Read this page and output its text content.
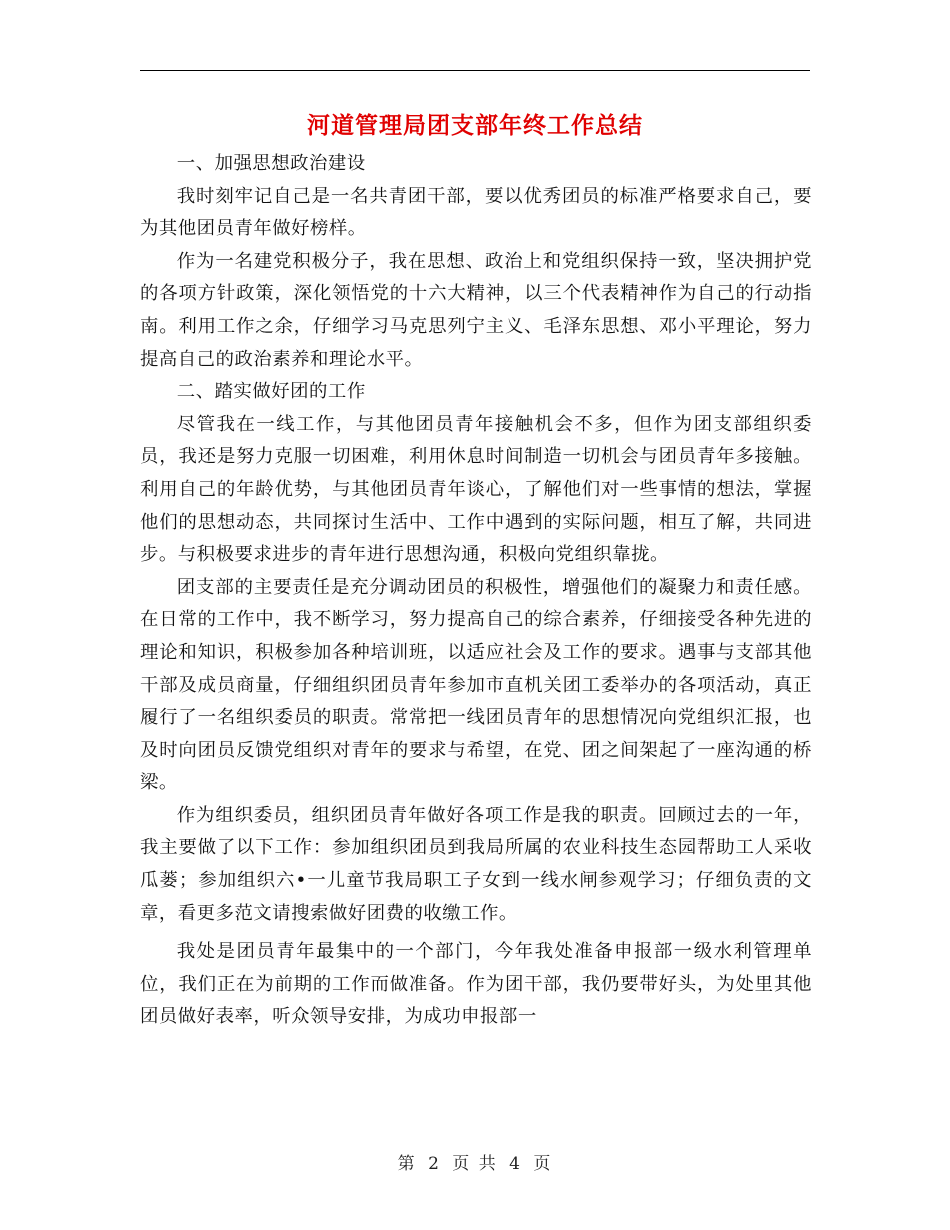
河道管理局团支部年终工作总结

一、加强思想政治建设

我时刻牢记自己是一名共青团干部，要以优秀团员的标准严格要求自己，要为其他团员青年做好榜样。

作为一名建党积极分子，我在思想、政治上和党组织保持一致，坚决拥护党的各项方针政策，深化领悟党的十六大精神，以三个代表精神作为自己的行动指南。利用工作之余，仔细学习马克思列宁主义、毛泽东思想、邓小平理论，努力提高自己的政治素养和理论水平。

二、踏实做好团的工作

尽管我在一线工作，与其他团员青年接触机会不多，但作为团支部组织委员，我还是努力克服一切困难，利用休息时间制造一切机会与团员青年多接触。利用自己的年龄优势，与其他团员青年谈心，了解他们对一些事情的想法，掌握他们的思想动态，共同探讨生活中、工作中遇到的实际问题，相互了解，共同进步。与积极要求进步的青年进行思想沟通，积极向党组织靠拢。

团支部的主要责任是充分调动团员的积极性，增强他们的凝聚力和责任感。在日常的工作中，我不断学习，努力提高自己的综合素养，仔细接受各种先进的理论和知识，积极参加各种培训班，以适应社会及工作的要求。遇事与支部其他干部及成员商量，仔细组织团员青年参加市直机关团工委举办的各项活动，真正履行了一名组织委员的职责。常常把一线团员青年的思想情况向党组织汇报，也及时向团员反馈党组织对青年的要求与希望，在党、团之间架起了一座沟通的桥梁。

作为组织委员，组织团员青年做好各项工作是我的职责。回顾过去的一年，我主要做了以下工作：参加组织团员到我局所属的农业科技生态园帮助工人采收瓜蒌；参加组织六•一儿童节我局职工子女到一线水闸参观学习；仔细负责的文章，看更多范文请搜索做好团费的收缴工作。

我处是团员青年最集中的一个部门，今年我处准备申报部一级水利管理单位，我们正在为前期的工作而做准备。作为团干部，我仍要带好头，为处里其他团员做好表率，听众领导安排，为成功申报部一

第 2 页 共 4 页
